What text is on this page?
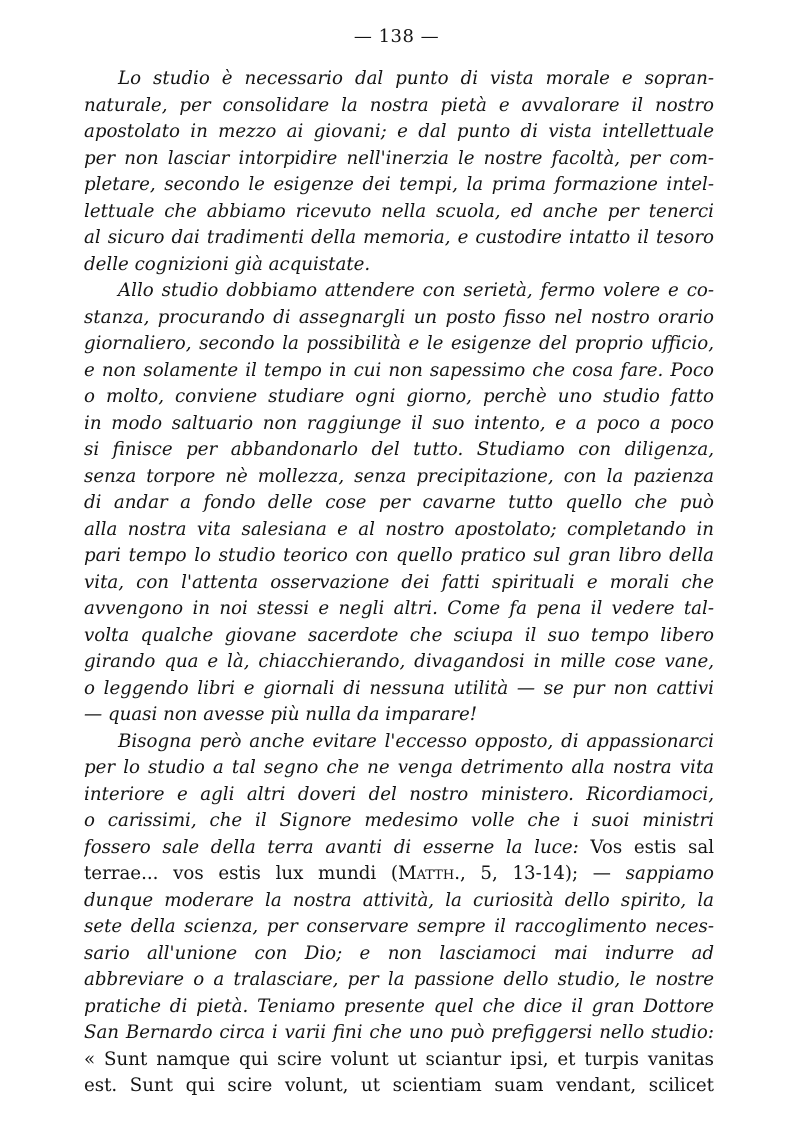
— 138 —
Lo studio è necessario dal punto di vista morale e sopran-
naturale, per consolidare la nostra pietà e avvalorare il nostro
apostolato in mezzo ai giovani; e dal punto di vista intellettuale
per non lasciar intorpidire nell'inerzia le nostre facoltà, per com-
pletare, secondo le esigenze dei tempi, la prima formazione intel-
lettuale che abbiamo ricevuto nella scuola, ed anche per tenerci
al sicuro dai tradimenti della memoria, e custodire intatto il tesoro
delle cognizioni già acquistate.
Allo studio dobbiamo attendere con serietà, fermo volere e co-
stanza, procurando di assegnargli un posto fisso nel nostro orario
giornaliero, secondo la possibilità e le esigenze del proprio ufficio,
e non solamente il tempo in cui non sapessimo che cosa fare. Poco
o molto, conviene studiare ogni giorno, perchè uno studio fatto
in modo saltuario non raggiunge il suo intento, e a poco a poco
si finisce per abbandonarlo del tutto. Studiamo con diligenza,
senza torpore nè mollezza, senza precipitazione, con la pazienza
di andar a fondo delle cose per cavarne tutto quello che può
alla nostra vita salesiana e al nostro apostolato; completando in
pari tempo lo studio teorico con quello pratico sul gran libro della
vita, con l'attenta osservazione dei fatti spirituali e morali che
avvengono in noi stessi e negli altri. Come fa pena il vedere tal-
volta qualche giovane sacerdote che sciupa il suo tempo libero
girando qua e là, chiacchierando, divagandosi in mille cose vane,
o leggendo libri e giornali di nessuna utilità — se pur non cattivi
— quasi non avesse più nulla da imparare!
Bisogna però anche evitare l'eccesso opposto, di appassionarci
per lo studio a tal segno che ne venga detrimento alla nostra vita
interiore e agli altri doveri del nostro ministero. Ricordiamoci,
o carissimi, che il Signore medesimo volle che i suoi ministri
fossero sale della terra avanti di esserne la luce: Vos estis sal
terrae... vos estis lux mundi (Matth., 5, 13-14); — sappiamo
dunque moderare la nostra attività, la curiosità dello spirito, la
sete della scienza, per conservare sempre il raccoglimento neces-
sario all'unione con Dio; e non lasciamoci mai indurre ad
abbreviare o a tralasciare, per la passione dello studio, le nostre
pratiche di pietà. Teniamo presente quel che dice il gran Dottore
San Bernardo circa i varii fini che uno può prefiggersi nello studio:
« Sunt namque qui scire volunt ut sciantur ipsi, et turpis vanitas
est. Sunt qui scire volunt, ut scientiam suam vendant, scilicet
